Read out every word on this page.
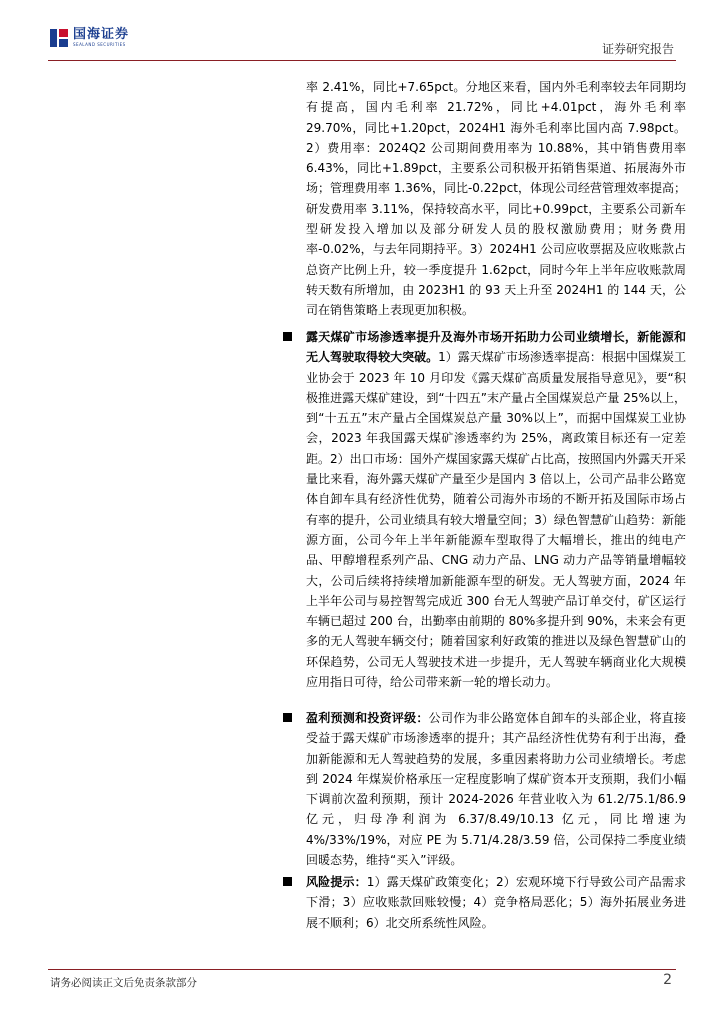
国海证券
SEALAND SECURITIES	证券研究报告
率 2.41%，同比+7.65pct。分地区来看，国内外毛利率较去年同期均有提高，国内毛利率 21.72%，同比+4.01pct，海外毛利率 29.70%，同比+1.20pct，2024H1 海外毛利率比国内高 7.98pct。2）费用率：2024Q2 公司期间费用率为 10.88%，其中销售费用率 6.43%，同比+1.89pct，主要系公司积极开拓销售渠道、拓展海外市场；管理费用率 1.36%，同比-0.22pct，体现公司经营管理效率提高；研发费用率 3.11%，保持较高水平，同比+0.99pct，主要系公司新车型研发投入增加以及部分研发人员的股权激励费用；财务费用率-0.02%，与去年同期持平。3）2024H1 公司应收票据及应收账款占总资产比例上升，较一季度提升 1.62pct，同时今年上半年应收账款周转天数有所增加，由 2023H1 的 93 天上升至 2024H1 的 144 天，公司在销售策略上表现更加积极。
露天煤矿市场渗透率提升及海外市场开拓助力公司业绩增长，新能源和无人驾驶取得较大突破。1）露天煤矿市场渗透率提高：根据中国煤炭工业协会于 2023 年 10 月印发《露天煤矿高质量发展指导意见》，要“积极推进露天煤矿建设，到“十四五”末产量占全国煤炭总产量 25%以上，到“十五五”末产量占全国煤炭总产量 30%以上”，而据中国煤炭工业协会，2023 年我国露天煤矿渗透率约为 25%，离政策目标还有一定差距。2）出口市场：国外产煤国家露天煤矿占比高，按照国内外露天开采量比来看，海外露天煤矿产量至少是国内 3 倍以上，公司产品非公路宽体自卸车具有经济性优势，随着公司海外市场的不断开拓及国际市场占有率的提升，公司业绩具有较大增量空间；3）绿色智慧矿山趋势：新能源方面，公司今年上半年新能源车型取得了大幅增长，推出的纯电产品、甲醇增程系列产品、CNG 动力产品、LNG 动力产品等销量增幅较大，公司后续将持续增加新能源车型的研发。无人驾驶方面，2024 年上半年公司与易控智驾完成近 300 台无人驾驶产品订单交付，矿区运行车辆已超过 200 台，出勤率由前期的 80%多提升到 90%，未来会有更多的无人驾驶车辆交付；随着国家利好政策的推进以及绿色智慧矿山的环保趋势，公司无人驾驶技术进一步提升，无人驾驶车辆商业化大规模应用指日可待，给公司带来新一轮的增长动力。
盈利预测和投资评级：公司作为非公路宽体自卸车的头部企业，将直接受益于露天煤矿市场渗透率的提升；其产品经济性优势有利于出海，叠加新能源和无人驾驶趋势的发展，多重因素将助力公司业绩增长。考虑到 2024 年煤炭价格承压一定程度影响了煤矿资本开支预期，我们小幅下调前次盈利预期，预计 2024-2026 年营业收入为 61.2/75.1/86.9 亿元，归母净利润为 6.37/8.49/10.13 亿元，同比增速为 4%/33%/19%，对应 PE 为 5.71/4.28/3.59 倍，公司保持二季度业绩回暖态势，维持“买入”评级。
风险提示：1）露天煤矿政策变化；2）宏观环境下行导致公司产品需求下滑；3）应收账款回账较慢；4）竞争格局恶化；5）海外拓展业务进展不顺利；6）北交所系统性风险。
请务必阅读正文后免责条款部分	2
